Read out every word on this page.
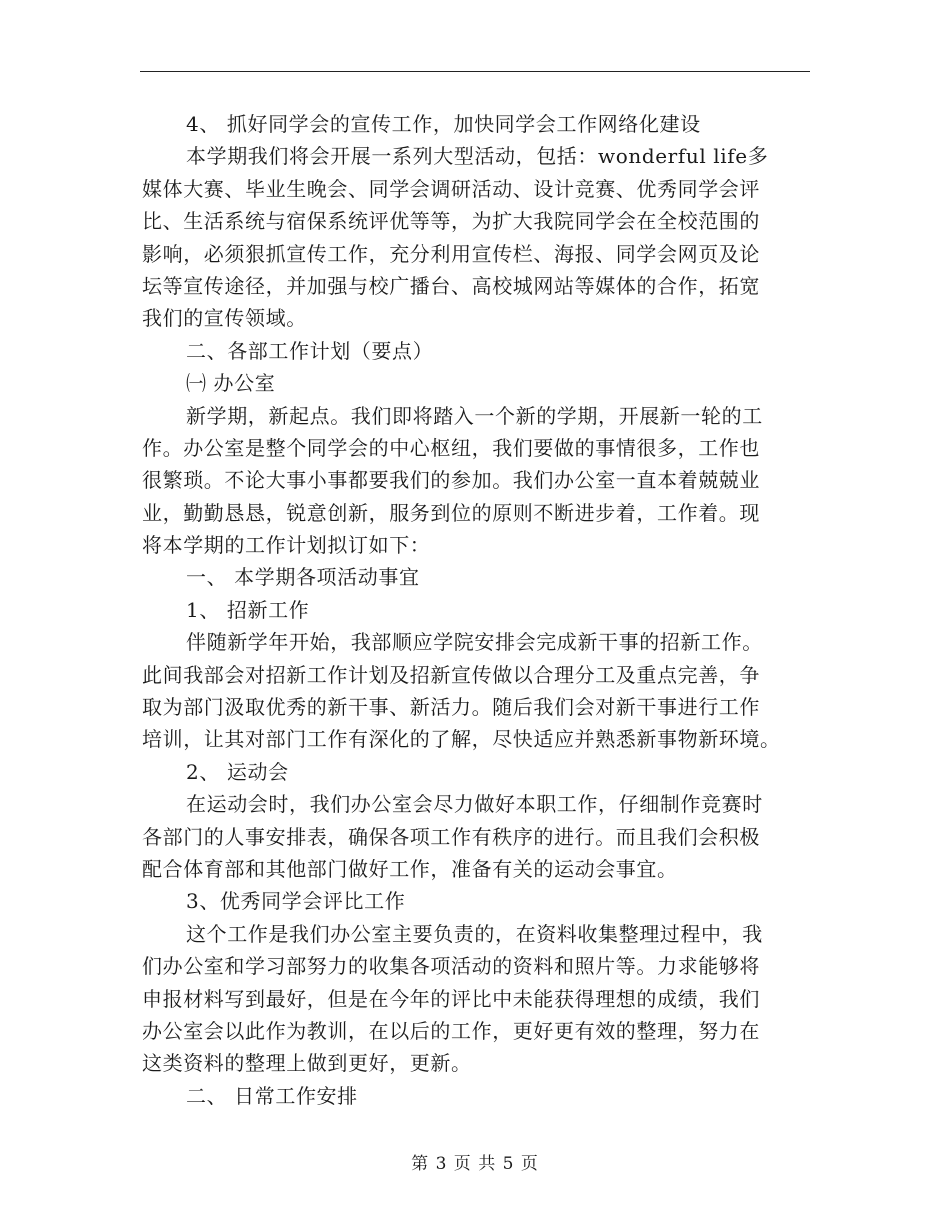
4、 抓好同学会的宣传工作，加快同学会工作网络化建设
本学期我们将会开展一系列大型活动，包括：wonderful life多
媒体大赛、毕业生晚会、同学会调研活动、设计竞赛、优秀同学会评
比、生活系统与宿保系统评优等等，为扩大我院同学会在全校范围的
影响，必须狠抓宣传工作，充分利用宣传栏、海报、同学会网页及论
坛等宣传途径，并加强与校广播台、高校城网站等媒体的合作，拓宽
我们的宣传领域。
二、各部工作计划（要点）
㈠ 办公室
新学期，新起点。我们即将踏入一个新的学期，开展新一轮的工
作。办公室是整个同学会的中心枢纽，我们要做的事情很多，工作也
很繁琐。不论大事小事都要我们的参加。我们办公室一直本着兢兢业
业，勤勤恳恳，锐意创新，服务到位的原则不断进步着，工作着。现
将本学期的工作计划拟订如下：
一、 本学期各项活动事宜
1、 招新工作
伴随新学年开始，我部顺应学院安排会完成新干事的招新工作。
此间我部会对招新工作计划及招新宣传做以合理分工及重点完善，争
取为部门汲取优秀的新干事、新活力。随后我们会对新干事进行工作
培训，让其对部门工作有深化的了解，尽快适应并熟悉新事物新环境。
2、 运动会
在运动会时，我们办公室会尽力做好本职工作，仔细制作竞赛时
各部门的人事安排表，确保各项工作有秩序的进行。而且我们会积极
配合体育部和其他部门做好工作，准备有关的运动会事宜。
3、优秀同学会评比工作
这个工作是我们办公室主要负责的，在资料收集整理过程中，我
们办公室和学习部努力的收集各项活动的资料和照片等。力求能够将
申报材料写到最好，但是在今年的评比中未能获得理想的成绩，我们
办公室会以此作为教训，在以后的工作，更好更有效的整理，努力在
这类资料的整理上做到更好，更新。
二、 日常工作安排
第 3 页 共 5 页
